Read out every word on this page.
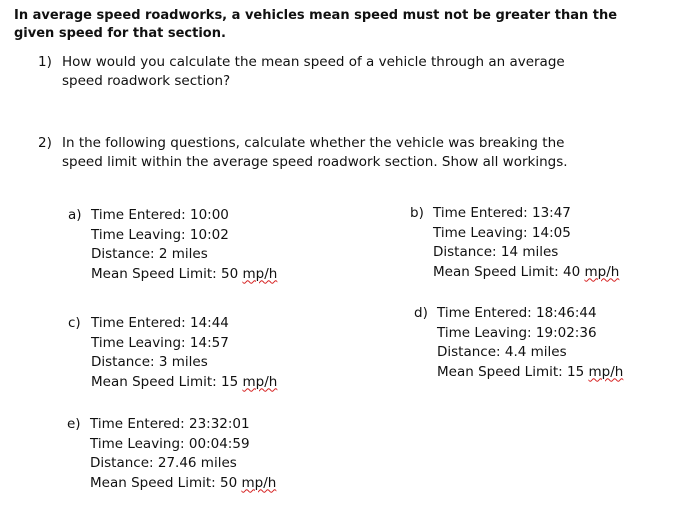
In average speed roadworks, a vehicles mean speed must not be greater than the
given speed for that section.
1) How would you calculate the mean speed of a vehicle through an average
speed roadwork section?
2) In the following questions, calculate whether the vehicle was breaking the
speed limit within the average speed roadwork section. Show all workings.
a) Time Entered: 10:00
Time Leaving: 10:02
Distance: 2 miles
Mean Speed Limit: 50 mp/h
b) Time Entered: 13:47
Time Leaving: 14:05
Distance: 14 miles
Mean Speed Limit: 40 mp/h
c) Time Entered: 14:44
Time Leaving: 14:57
Distance: 3 miles
Mean Speed Limit: 15 mp/h
d) Time Entered: 18:46:44
Time Leaving: 19:02:36
Distance: 4.4 miles
Mean Speed Limit: 15 mp/h
e) Time Entered: 23:32:01
Time Leaving: 00:04:59
Distance: 27.46 miles
Mean Speed Limit: 50 mp/h
